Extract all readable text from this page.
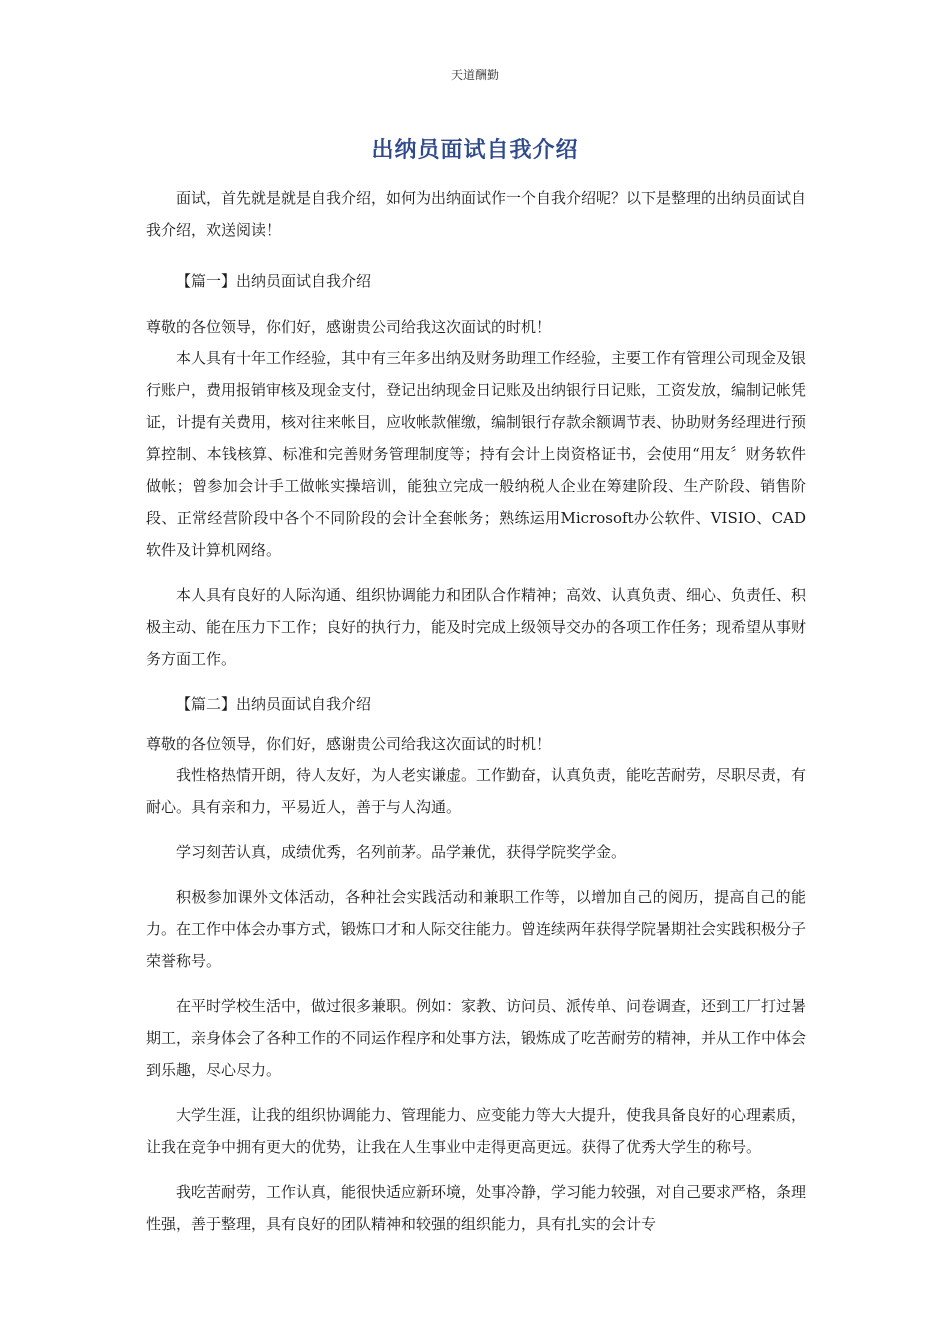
天道酬勤
出纳员面试自我介绍

面试，首先就是就是自我介绍，如何为出纳面试作一个自我介绍呢？以下是整理的出纳员面试自我介绍，欢送阅读！

【篇一】出纳员面试自我介绍

尊敬的各位领导，你们好，感谢贵公司给我这次面试的时机！

本人具有十年工作经验，其中有三年多出纳及财务助理工作经验，主要工作有管理公司现金及银行账户，费用报销审核及现金支付，登记出纳现金日记账及出纳银行日记账，工资发放，编制记帐凭证，计提有关费用，核对往来帐目，应收帐款催缴，编制银行存款余额调节表、协助财务经理进行预算控制、本钱核算、标准和完善财务管理制度等；持有会计上岗资格证书，会使用“用友〞财务软件做帐；曾参加会计手工做帐实操培训，能独立完成一般纳税人企业在筹建阶段、生产阶段、销售阶段、正常经营阶段中各个不同阶段的会计全套帐务；熟练运用Microsoft办公软件、VISIO、CAD软件及计算机网络。

本人具有良好的人际沟通、组织协调能力和团队合作精神；高效、认真负责、细心、负责任、积极主动、能在压力下工作；良好的执行力，能及时完成上级领导交办的各项工作任务；现希望从事财务方面工作。

【篇二】出纳员面试自我介绍

尊敬的各位领导，你们好，感谢贵公司给我这次面试的时机！

我性格热情开朗，待人友好，为人老实谦虚。工作勤奋，认真负责，能吃苦耐劳，尽职尽责，有耐心。具有亲和力，平易近人，善于与人沟通。

学习刻苦认真，成绩优秀，名列前茅。品学兼优，获得学院奖学金。

积极参加课外文体活动，各种社会实践活动和兼职工作等，以增加自己的阅历，提高自己的能力。在工作中体会办事方式，锻炼口才和人际交往能力。曾连续两年获得学院暑期社会实践积极分子荣誉称号。

在平时学校生活中，做过很多兼职。例如：家教、访问员、派传单、问卷调查，还到工厂打过暑期工，亲身体会了各种工作的不同运作程序和处事方法，锻炼成了吃苦耐劳的精神，并从工作中体会到乐趣，尽心尽力。

大学生涯，让我的组织协调能力、管理能力、应变能力等大大提升，使我具备良好的心理素质，让我在竞争中拥有更大的优势，让我在人生事业中走得更高更远。获得了优秀大学生的称号。

我吃苦耐劳，工作认真，能很快适应新环境，处事冷静，学习能力较强，对自己要求严格，条理性强，善于整理，具有良好的团队精神和较强的组织能力，具有扎实的会计专
